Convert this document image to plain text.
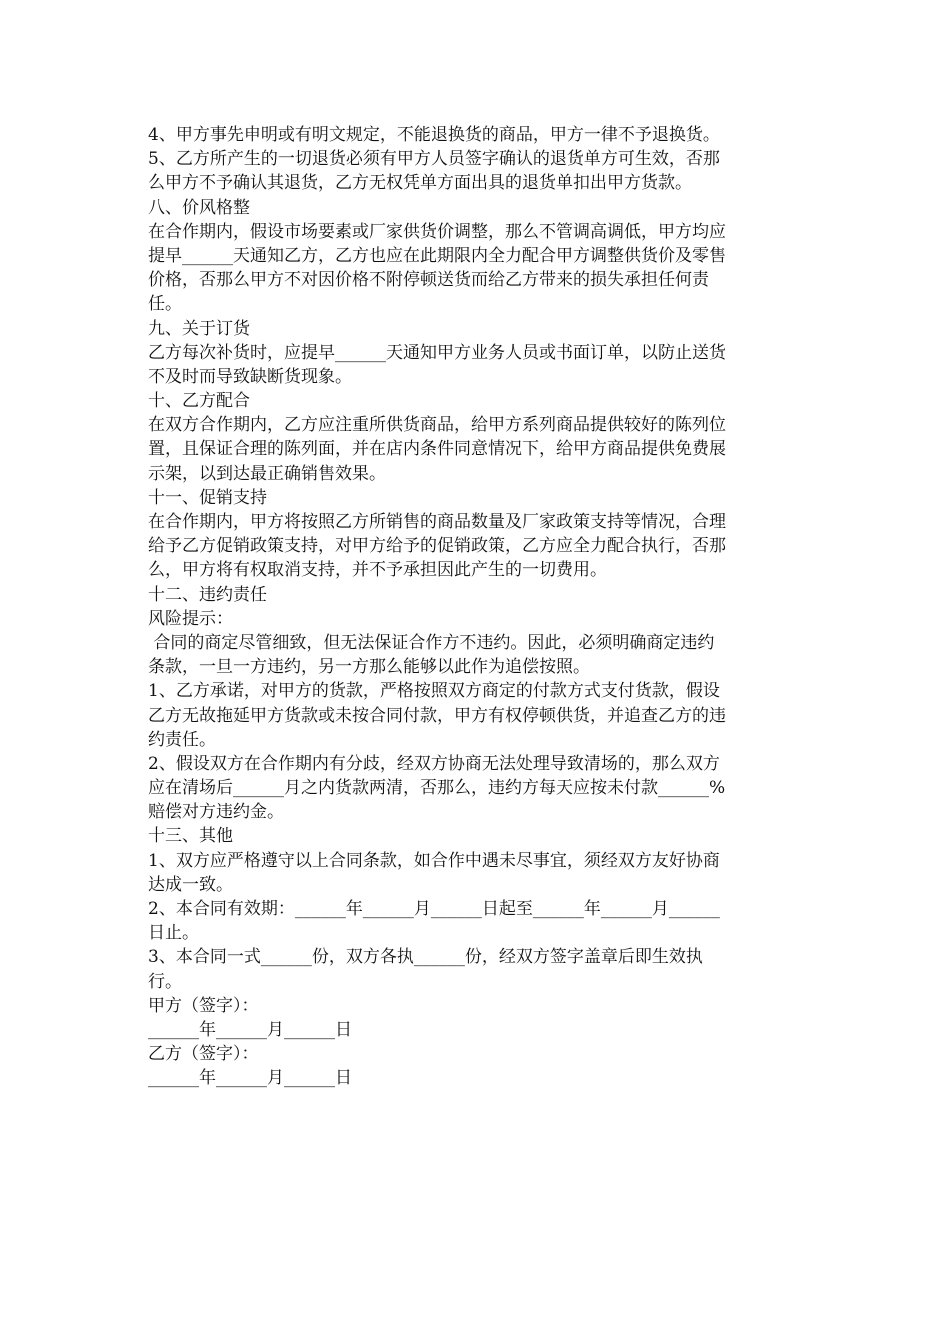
4、甲方事先申明或有明文规定，不能退换货的商品，甲方一律不予退换货。
5、乙方所产生的一切退货必须有甲方人员签字确认的退货单方可生效，否那
么甲方不予确认其退货，乙方无权凭单方面出具的退货单扣出甲方货款。
八、价风格整
在合作期内，假设市场要素或厂家供货价调整，那么不管调高调低，甲方均应
提早______天通知乙方，乙方也应在此期限内全力配合甲方调整供货价及零售
价格，否那么甲方不对因价格不附停顿送货而给乙方带来的损失承担任何责
任。
九、关于订货
乙方每次补货时，应提早______天通知甲方业务人员或书面订单，以防止送货
不及时而导致缺断货现象。
十、乙方配合
在双方合作期内，乙方应注重所供货商品，给甲方系列商品提供较好的陈列位
置，且保证合理的陈列面，并在店内条件同意情况下，给甲方商品提供免费展
示架，以到达最正确销售效果。
十一、促销支持
在合作期内，甲方将按照乙方所销售的商品数量及厂家政策支持等情况，合理
给予乙方促销政策支持，对甲方给予的促销政策，乙方应全力配合执行，否那
么，甲方将有权取消支持，并不予承担因此产生的一切费用。
十二、违约责任
风险提示：
合同的商定尽管细致，但无法保证合作方不违约。因此，必须明确商定违约
条款，一旦一方违约，另一方那么能够以此作为追偿按照。
1、乙方承诺，对甲方的货款，严格按照双方商定的付款方式支付货款，假设
乙方无故拖延甲方货款或未按合同付款，甲方有权停顿供货，并追查乙方的违
约责任。
2、假设双方在合作期内有分歧，经双方协商无法处理导致清场的，那么双方
应在清场后______月之内货款两清，否那么，违约方每天应按未付款______%
赔偿对方违约金。
十三、其他
1、双方应严格遵守以上合同条款，如合作中遇未尽事宜，须经双方友好协商
达成一致。
2、本合同有效期：______年______月______日起至______年______月______
日止。
3、本合同一式______份，双方各执______份，经双方签字盖章后即生效执
行。
甲方（签字）：
______年______月______日
乙方（签字）：
______年______月______日
